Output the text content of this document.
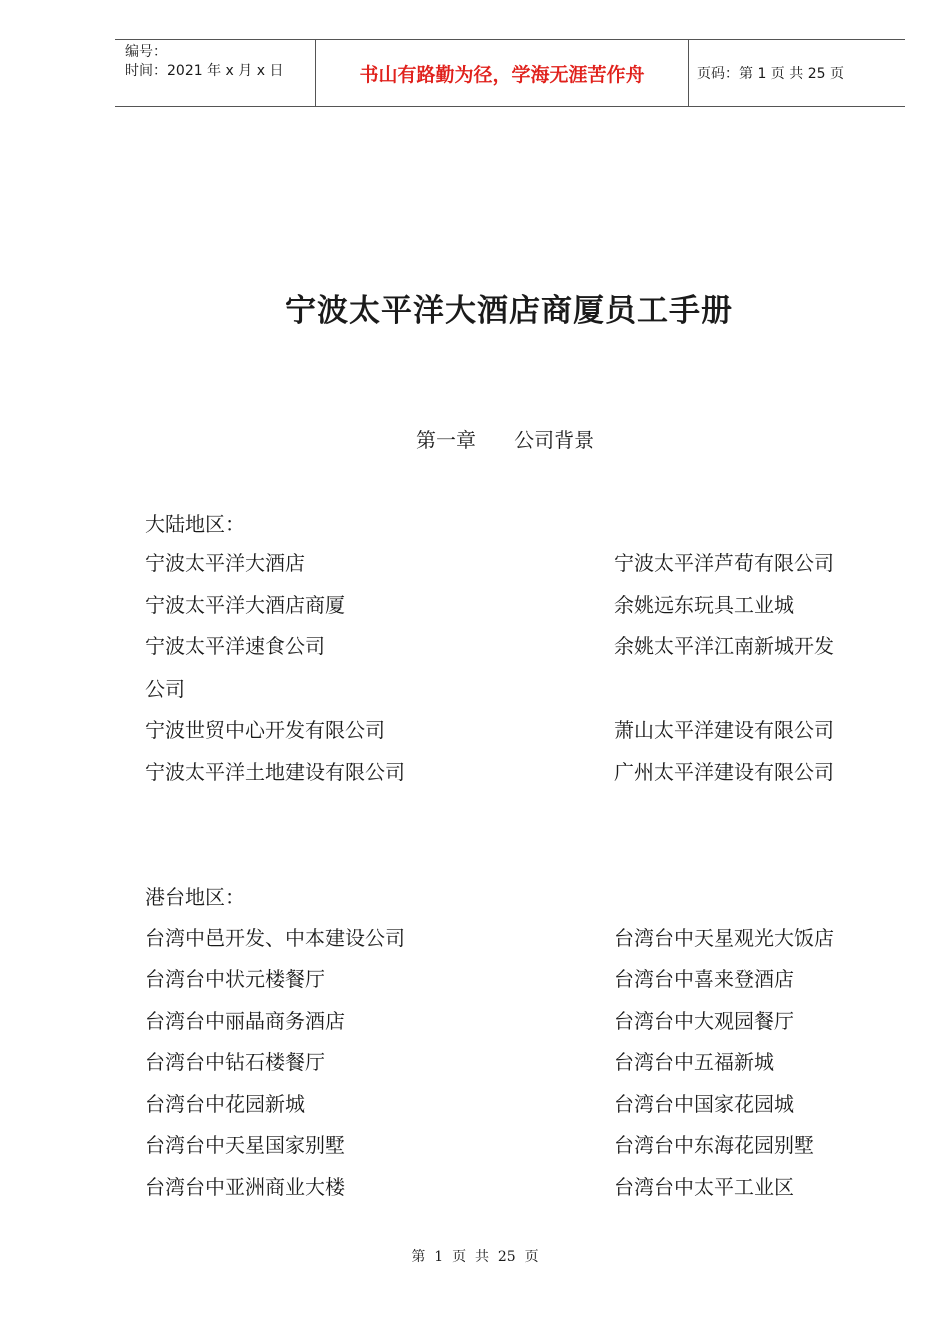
编号：
时间：2021 年 x 月 x 日	书山有路勤为径，学海无涯苦作舟	页码：第 1 页 共 25 页
宁波太平洋大酒店商厦员工手册
第一章      公司背景
大陆地区：
宁波太平洋大酒店	宁波太平洋芦荀有限公司
宁波太平洋大酒店商厦	余姚远东玩具工业城
宁波太平洋速食公司	余姚太平洋江南新城开发
公司
宁波世贸中心开发有限公司	萧山太平洋建设有限公司
宁波太平洋土地建设有限公司	广州太平洋建设有限公司
港台地区：
台湾中邑开发、中本建设公司	台湾台中天星观光大饭店
台湾台中状元楼餐厅	台湾台中喜来登酒店
台湾台中丽晶商务酒店	台湾台中大观园餐厅
台湾台中钻石楼餐厅	台湾台中五福新城
台湾台中花园新城	台湾台中国家花园城
台湾台中天星国家别墅	台湾台中东海花园别墅
台湾台中亚洲商业大楼	台湾台中太平工业区
第  1  页  共  25  页
